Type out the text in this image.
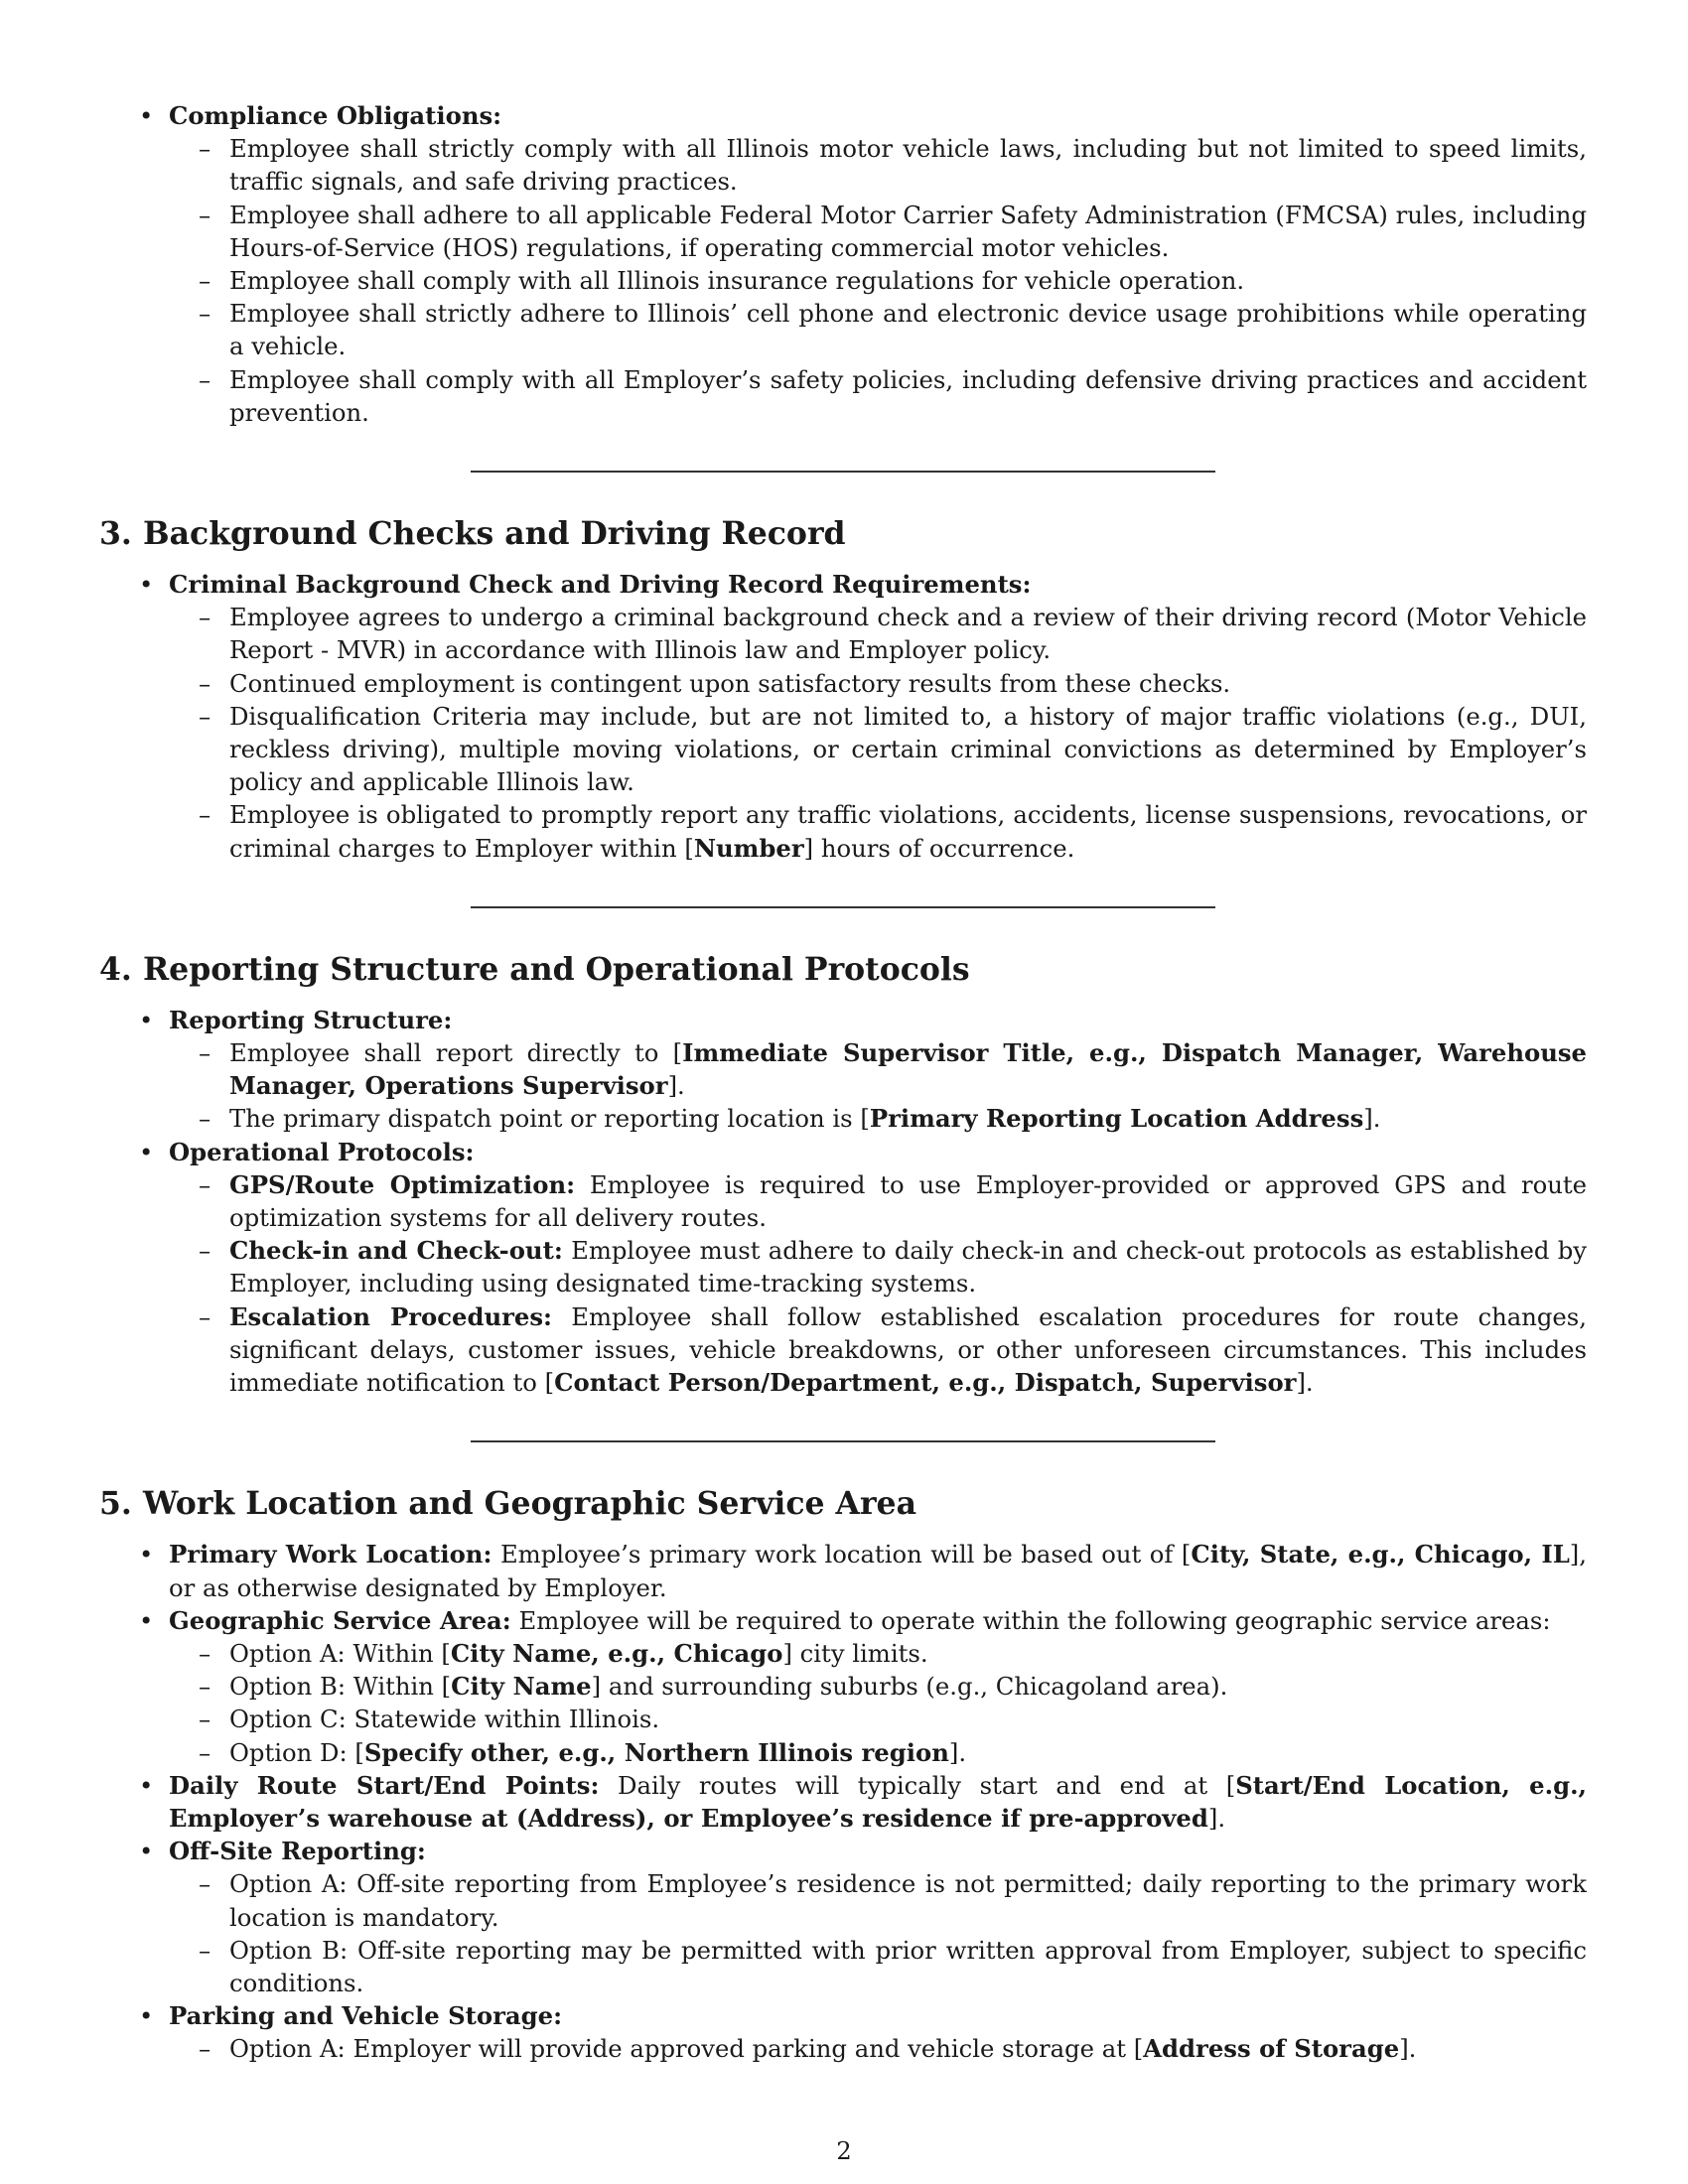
• Compliance Obligations:
– Employee shall strictly comply with all Illinois motor vehicle laws, including but not limited to speed limits, traffic signals, and safe driving practices.
– Employee shall adhere to all applicable Federal Motor Carrier Safety Administration (FMCSA) rules, including Hours-of-Service (HOS) regulations, if operating commercial motor vehicles.
– Employee shall comply with all Illinois insurance regulations for vehicle operation.
– Employee shall strictly adhere to Illinois’ cell phone and electronic device usage prohibitions while operating a vehicle.
– Employee shall comply with all Employer’s safety policies, including defensive driving practices and accident prevention.
3. Background Checks and Driving Record
• Criminal Background Check and Driving Record Requirements:
– Employee agrees to undergo a criminal background check and a review of their driving record (Motor Vehicle Report - MVR) in accordance with Illinois law and Employer policy.
– Continued employment is contingent upon satisfactory results from these checks.
– Disqualification Criteria may include, but are not limited to, a history of major traffic violations (e.g., DUI, reckless driving), multiple moving violations, or certain criminal convictions as determined by Employer’s policy and applicable Illinois law.
– Employee is obligated to promptly report any traffic violations, accidents, license suspensions, revocations, or criminal charges to Employer within [Number] hours of occurrence.
4. Reporting Structure and Operational Protocols
• Reporting Structure:
– Employee shall report directly to [Immediate Supervisor Title, e.g., Dispatch Manager, Warehouse Manager, Operations Supervisor].
– The primary dispatch point or reporting location is [Primary Reporting Location Address].
• Operational Protocols:
– GPS/Route Optimization: Employee is required to use Employer-provided or approved GPS and route optimization systems for all delivery routes.
– Check-in and Check-out: Employee must adhere to daily check-in and check-out protocols as established by Employer, including using designated time-tracking systems.
– Escalation Procedures: Employee shall follow established escalation procedures for route changes, significant delays, customer issues, vehicle breakdowns, or other unforeseen circumstances. This includes immediate notification to [Contact Person/Department, e.g., Dispatch, Supervisor].
5. Work Location and Geographic Service Area
• Primary Work Location: Employee’s primary work location will be based out of [City, State, e.g., Chicago, IL], or as otherwise designated by Employer.
• Geographic Service Area: Employee will be required to operate within the following geographic service areas:
– Option A: Within [City Name, e.g., Chicago] city limits.
– Option B: Within [City Name] and surrounding suburbs (e.g., Chicagoland area).
– Option C: Statewide within Illinois.
– Option D: [Specify other, e.g., Northern Illinois region].
• Daily Route Start/End Points: Daily routes will typically start and end at [Start/End Location, e.g., Employer’s warehouse at (Address), or Employee’s residence if pre-approved].
• Off-Site Reporting:
– Option A: Off-site reporting from Employee’s residence is not permitted; daily reporting to the primary work location is mandatory.
– Option B: Off-site reporting may be permitted with prior written approval from Employer, subject to specific conditions.
• Parking and Vehicle Storage:
– Option A: Employer will provide approved parking and vehicle storage at [Address of Storage].
2
